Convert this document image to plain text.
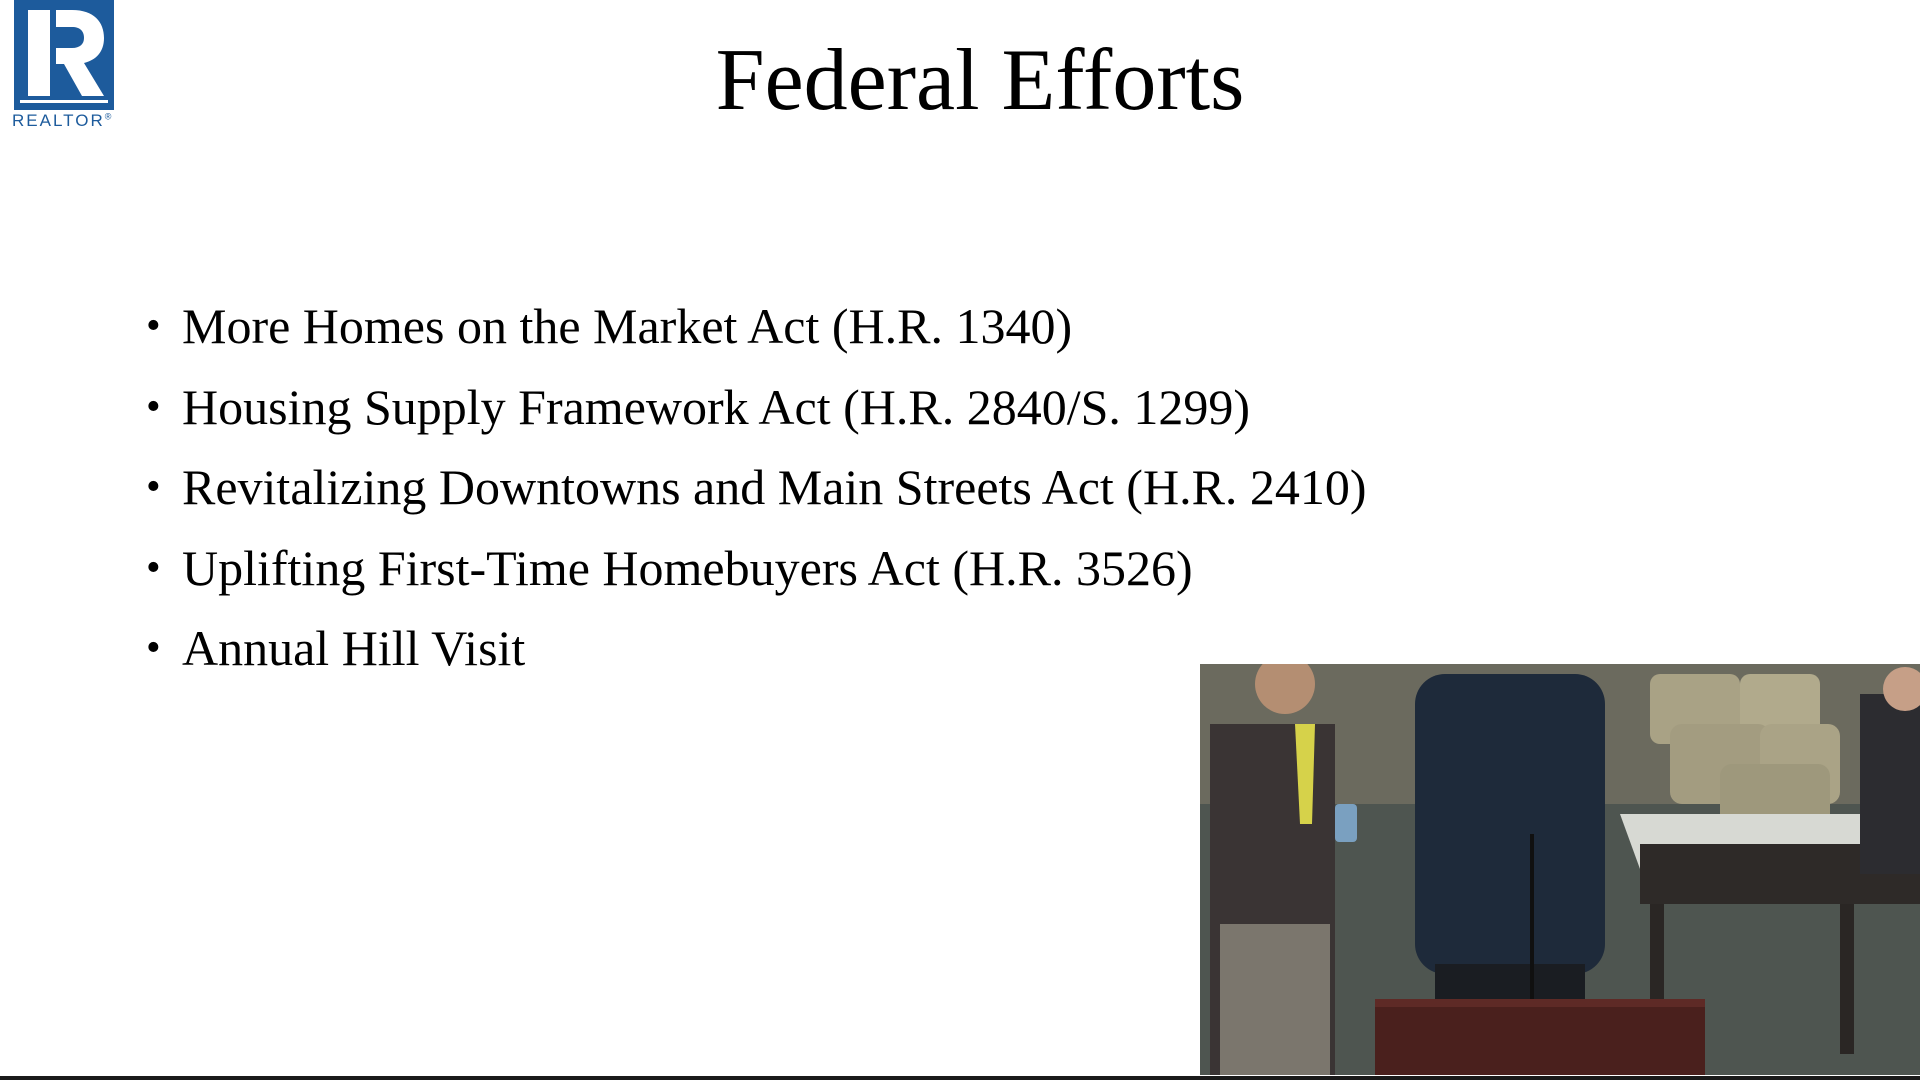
REALTOR®	Federal Efforts
• More Homes on the Market Act (H.R. 1340)
• Housing Supply Framework Act (H.R. 2840/S. 1299)
• Revitalizing Downtowns and Main Streets Act (H.R. 2410)
• Uplifting First-Time Homebuyers Act (H.R. 3526)
• Annual Hill Visit
